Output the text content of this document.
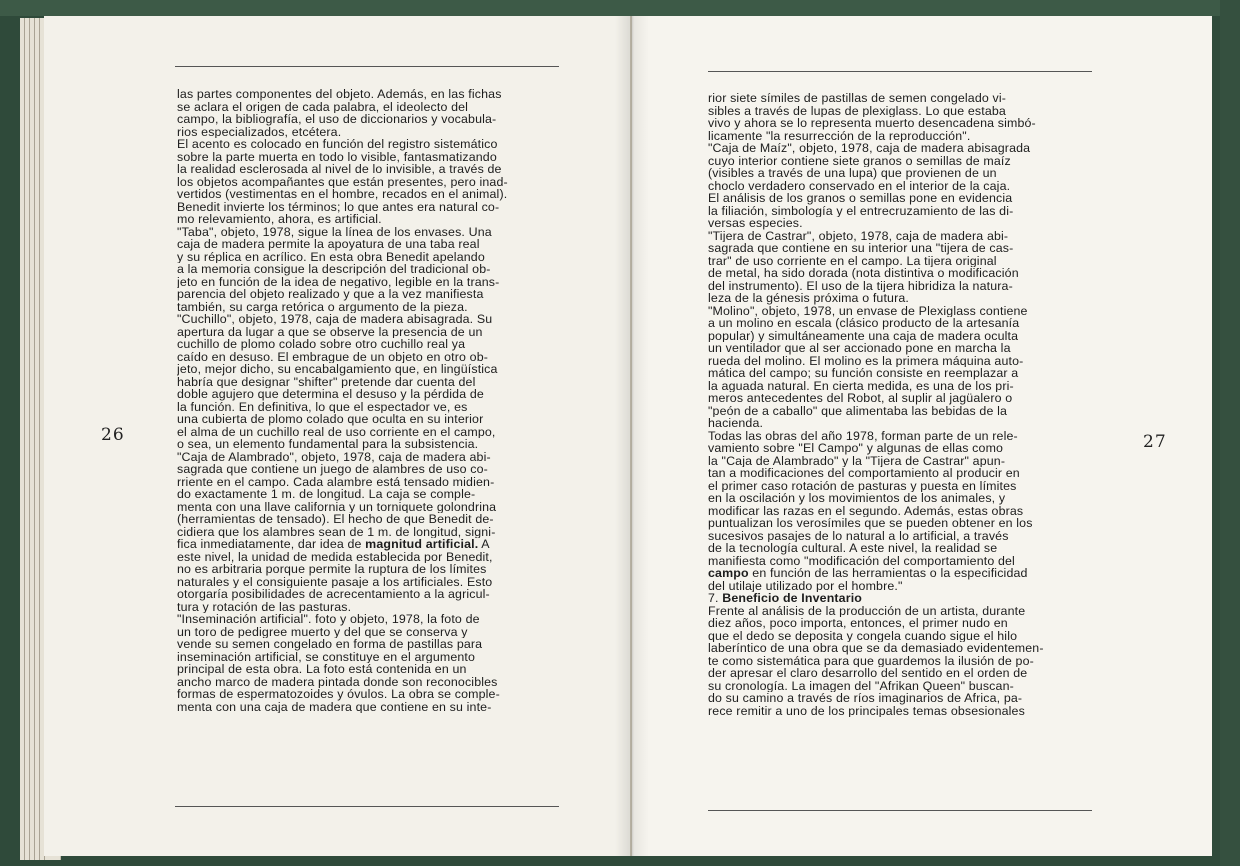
26

las partes componentes del objeto. Además, en las fichas

se aclara el origen de cada palabra, el ideolecto del

campo, la bibliografía, el uso de diccionarios y vocabula-

rios especializados, etcétera.

El acento es colocado en función del registro sistemático

sobre la parte muerta en todo lo visible, fantasmatizando

la realidad esclerosada al nivel de lo invisible, a través de

los objetos acompañantes que están presentes, pero inad-

vertidos (vestimentas en el hombre, recados en el animal).

Benedit invierte los términos; lo que antes era natural co-

mo relevamiento, ahora, es artificial.

"Taba", objeto, 1978, sigue la línea de los envases. Una

caja de madera permite la apoyatura de una taba real

y su réplica en acrílico. En esta obra Benedit apelando

a la memoria consigue la descripción del tradicional ob-

jeto en función de la idea de negativo, legible en la trans-

parencia del objeto realizado y que a la vez manifiesta

también, su carga retórica o argumento de la pieza.

"Cuchillo", objeto, 1978, caja de madera abisagrada. Su

apertura da lugar a que se observe la presencia de un

cuchillo de plomo colado sobre otro cuchillo real ya

caído en desuso. El embrague de un objeto en otro ob-

jeto, mejor dicho, su encabalgamiento que, en lingüística

habría que designar "shifter" pretende dar cuenta del

doble agujero que determina el desuso y la pérdida de

la función. En definitiva, lo que el espectador ve, es

una cubierta de plomo colado que oculta en su interior

el alma de un cuchillo real de uso corriente en el campo,

o sea, un elemento fundamental para la subsistencia.

"Caja de Alambrado", objeto, 1978, caja de madera abi-

sagrada que contiene un juego de alambres de uso co-

rriente en el campo. Cada alambre está tensado midien-

do exactamente 1 m. de longitud. La caja se comple-

menta con una llave california y un torniquete golondrina

(herramientas de tensado). El hecho de que Benedit de-

cidiera que los alambres sean de 1 m. de longitud, signi-

fica inmediatamente, dar idea de magnitud artificial. A

este nivel, la unidad de medida establecida por Benedit,

no es arbitraria porque permite la ruptura de los límites

naturales y el consiguiente pasaje a los artificiales. Esto

otorgaría posibilidades de acrecentamiento a la agricul-

tura y rotación de las pasturas.

"Inseminación artificial". foto y objeto, 1978, la foto de

un toro de pedigree muerto y del que se conserva y

vende su semen congelado en forma de pastillas para

inseminación artificial, se constituye en el argumento

principal de esta obra. La foto está contenida en un

ancho marco de madera pintada donde son reconocibles

formas de espermatozoides y óvulos. La obra se comple-

menta con una caja de madera que contiene en su inte-

rior siete símiles de pastillas de semen congelado vi-

sibles a través de lupas de plexiglass. Lo que estaba

vivo y ahora se lo representa muerto desencadena simbó-

licamente "la resurrección de la reproducción".

"Caja de Maíz", objeto, 1978, caja de madera abisagrada

cuyo interior contiene siete granos o semillas de maíz

(visibles a través de una lupa) que provienen de un

choclo verdadero conservado en el interior de la caja.

El análisis de los granos o semillas pone en evidencia

la filiación, simbología y el entrecruzamiento de las di-

versas especies.

"Tijera de Castrar", objeto, 1978, caja de madera abi-

sagrada que contiene en su interior una "tijera de cas-

trar" de uso corriente en el campo. La tijera original

de metal, ha sido dorada (nota distintiva o modificación

del instrumento). El uso de la tijera hibridiza la natura-

leza de la génesis próxima o futura.

"Molino", objeto, 1978, un envase de Plexiglass contiene

a un molino en escala (clásico producto de la artesanía

popular) y simultáneamente una caja de madera oculta

un ventilador que al ser accionado pone en marcha la

rueda del molino. El molino es la primera máquina auto-

mática del campo; su función consiste en reemplazar a

la aguada natural. En cierta medida, es una de los pri-

meros antecedentes del Robot, al suplir al jagüalero o

"peón de a caballo" que alimentaba las bebidas de la

hacienda.

Todas las obras del año 1978, forman parte de un rele-

vamiento sobre "El Campo" y algunas de ellas como

la "Caja de Alambrado" y la "Tijera de Castrar" apun-

tan a modificaciones del comportamiento al producir en

el primer caso rotación de pasturas y puesta en límites

en la oscilación y los movimientos de los animales, y

modificar las razas en el segundo. Además, estas obras

puntualizan los verosímiles que se pueden obtener en los

sucesivos pasajes de lo natural a lo artificial, a través

de la tecnología cultural. A este nivel, la realidad se

manifiesta como "modificación del comportamiento del

campo en función de las herramientas o la especificidad

del utilaje utilizado por el hombre."

7. Beneficio de Inventario

Frente al análisis de la producción de un artista, durante

diez años, poco importa, entonces, el primer nudo en

que el dedo se deposita y congela cuando sigue el hilo

laberíntico de una obra que se da demasiado evidentemen-

te como sistemática para que guardemos la ilusión de po-

der apresar el claro desarrollo del sentido en el orden de

su cronología. La imagen del "Afrikan Queen" buscan-

do su camino a través de ríos imaginarios de Africa, pa-

rece remitir a uno de los principales temas obsesionales

27
